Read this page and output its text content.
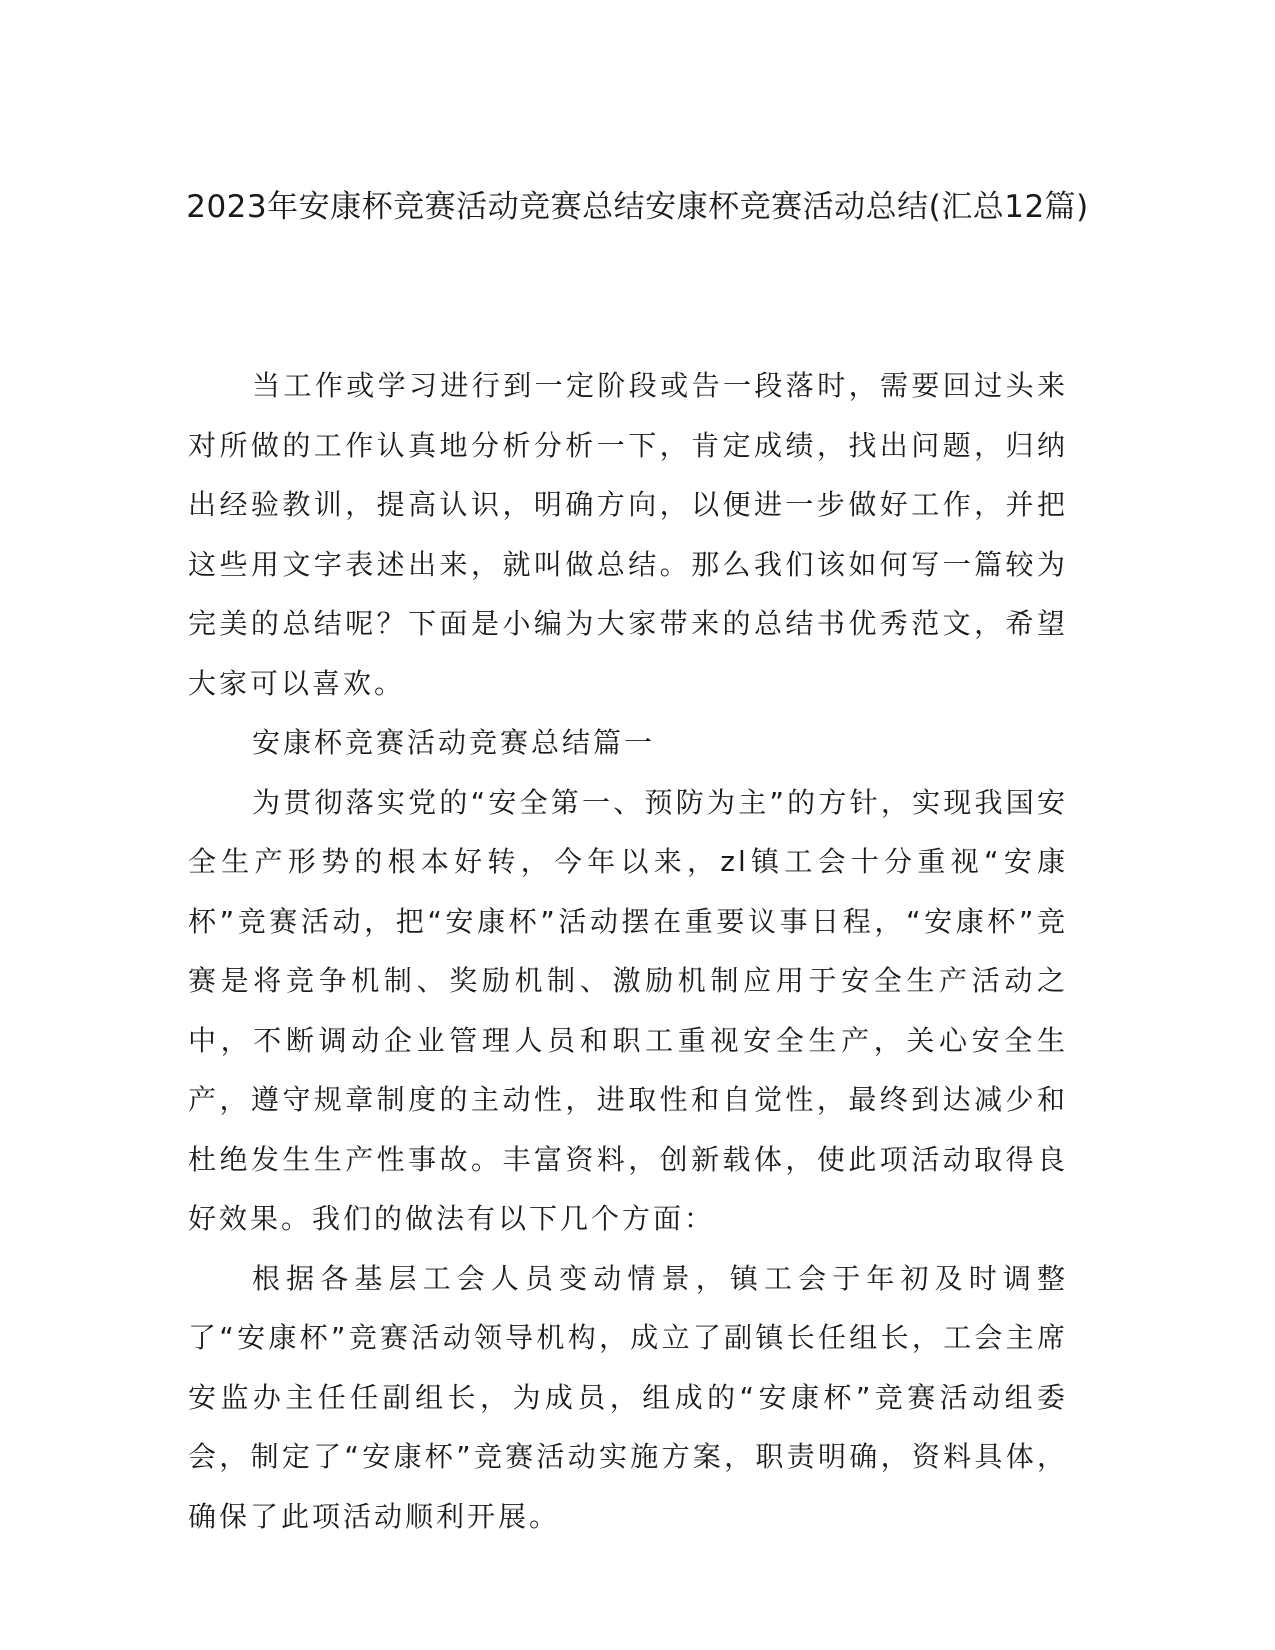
2023年安康杯竞赛活动竞赛总结安康杯竞赛活动总结(汇总12篇)

当工作或学习进行到一定阶段或告一段落时，需要回过头来对所做的工作认真地分析分析一下，肯定成绩，找出问题，归纳出经验教训，提高认识，明确方向，以便进一步做好工作，并把这些用文字表述出来，就叫做总结。那么我们该如何写一篇较为完美的总结呢？下面是小编为大家带来的总结书优秀范文，希望大家可以喜欢。

安康杯竞赛活动竞赛总结篇一

为贯彻落实党的“安全第一、预防为主”的方针，实现我国安全生产形势的根本好转，今年以来，zl镇工会十分重视“安康杯”竞赛活动，把“安康杯”活动摆在重要议事日程，“安康杯”竞赛是将竞争机制、奖励机制、激励机制应用于安全生产活动之中，不断调动企业管理人员和职工重视安全生产，关心安全生产，遵守规章制度的主动性，进取性和自觉性，最终到达减少和杜绝发生生产性事故。丰富资料，创新载体，使此项活动取得良好效果。我们的做法有以下几个方面：

根据各基层工会人员变动情景，镇工会于年初及时调整了“安康杯”竞赛活动领导机构，成立了副镇长任组长，工会主席安监办主任任副组长，为成员，组成的“安康杯”竞赛活动组委会，制定了“安康杯”竞赛活动实施方案，职责明确，资料具体，确保了此项活动顺利开展。
